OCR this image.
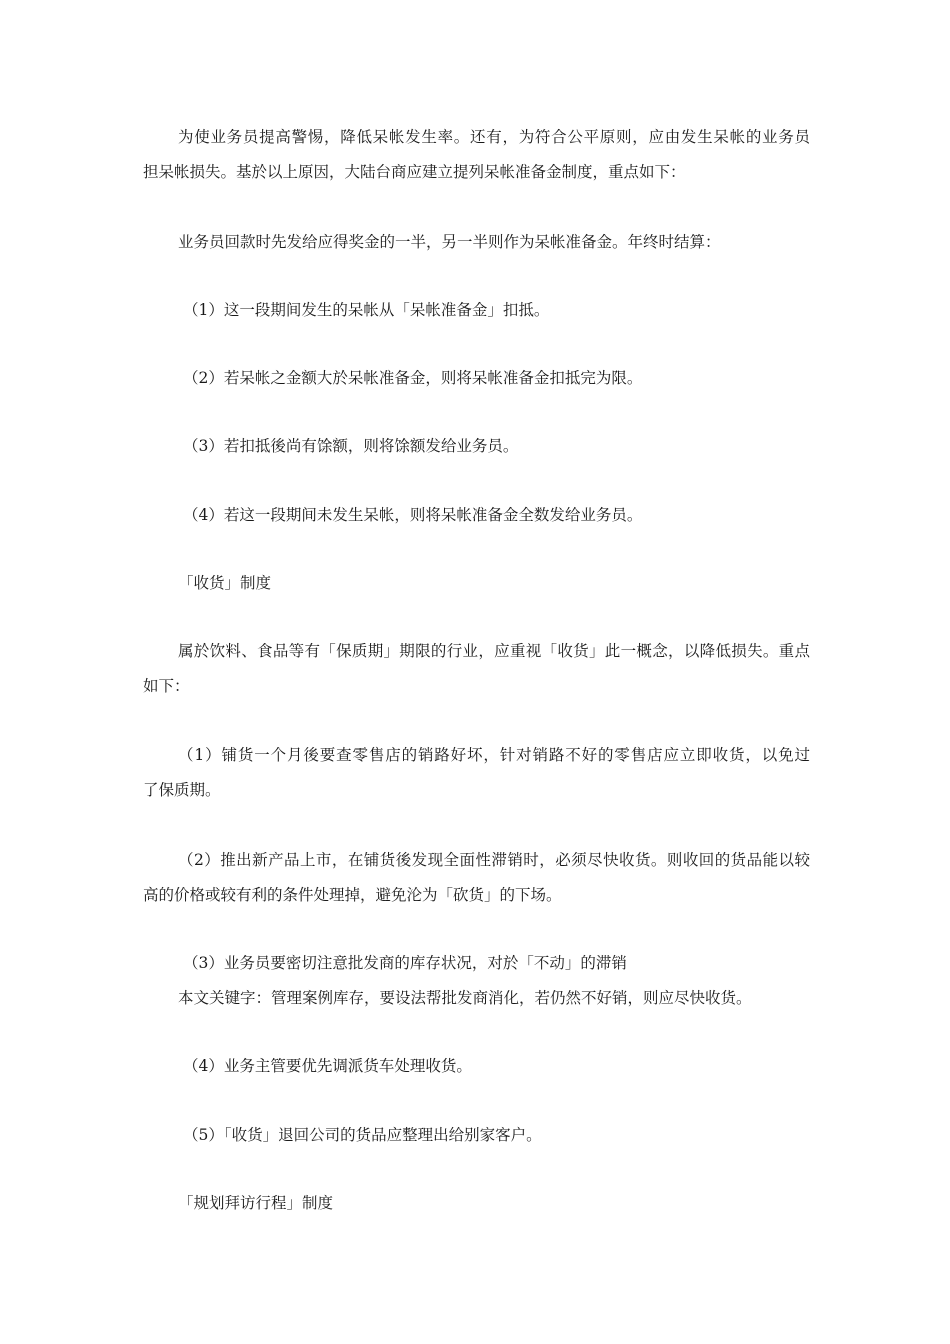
为使业务员提高警惕，降低呆帐发生率。还有，为符合公平原则，应由发生呆帐的业务员
担呆帐损失。基於以上原因，大陆台商应建立提列呆帐准备金制度，重点如下：
业务员回款时先发给应得奖金的一半，另一半则作为呆帐准备金。年终时结算：
（1）这一段期间发生的呆帐从「呆帐准备金」扣抵。
（2）若呆帐之金额大於呆帐准备金，则将呆帐准备金扣抵完为限。
（3）若扣抵後尚有馀额，则将馀额发给业务员。
（4）若这一段期间未发生呆帐，则将呆帐准备金全数发给业务员。
「收货」制度
属於饮料、食品等有「保质期」期限的行业，应重视「收货」此一概念，以降低损失。重点
如下：
（1）铺货一个月後要查零售店的销路好坏，针对销路不好的零售店应立即收货，以免过
了保质期。
（2）推出新产品上市，在铺货後发现全面性滞销时，必须尽快收货。则收回的货品能以较
高的价格或较有利的条件处理掉，避免沦为「砍货」的下场。
（3）业务员要密切注意批发商的库存状况，对於「不动」的滞销
本文关键字：管理案例库存，要设法帮批发商消化，若仍然不好销，则应尽快收货。
（4）业务主管要优先调派货车处理收货。
（5）「收货」退回公司的货品应整理出给别家客户。
「规划拜访行程」制度
